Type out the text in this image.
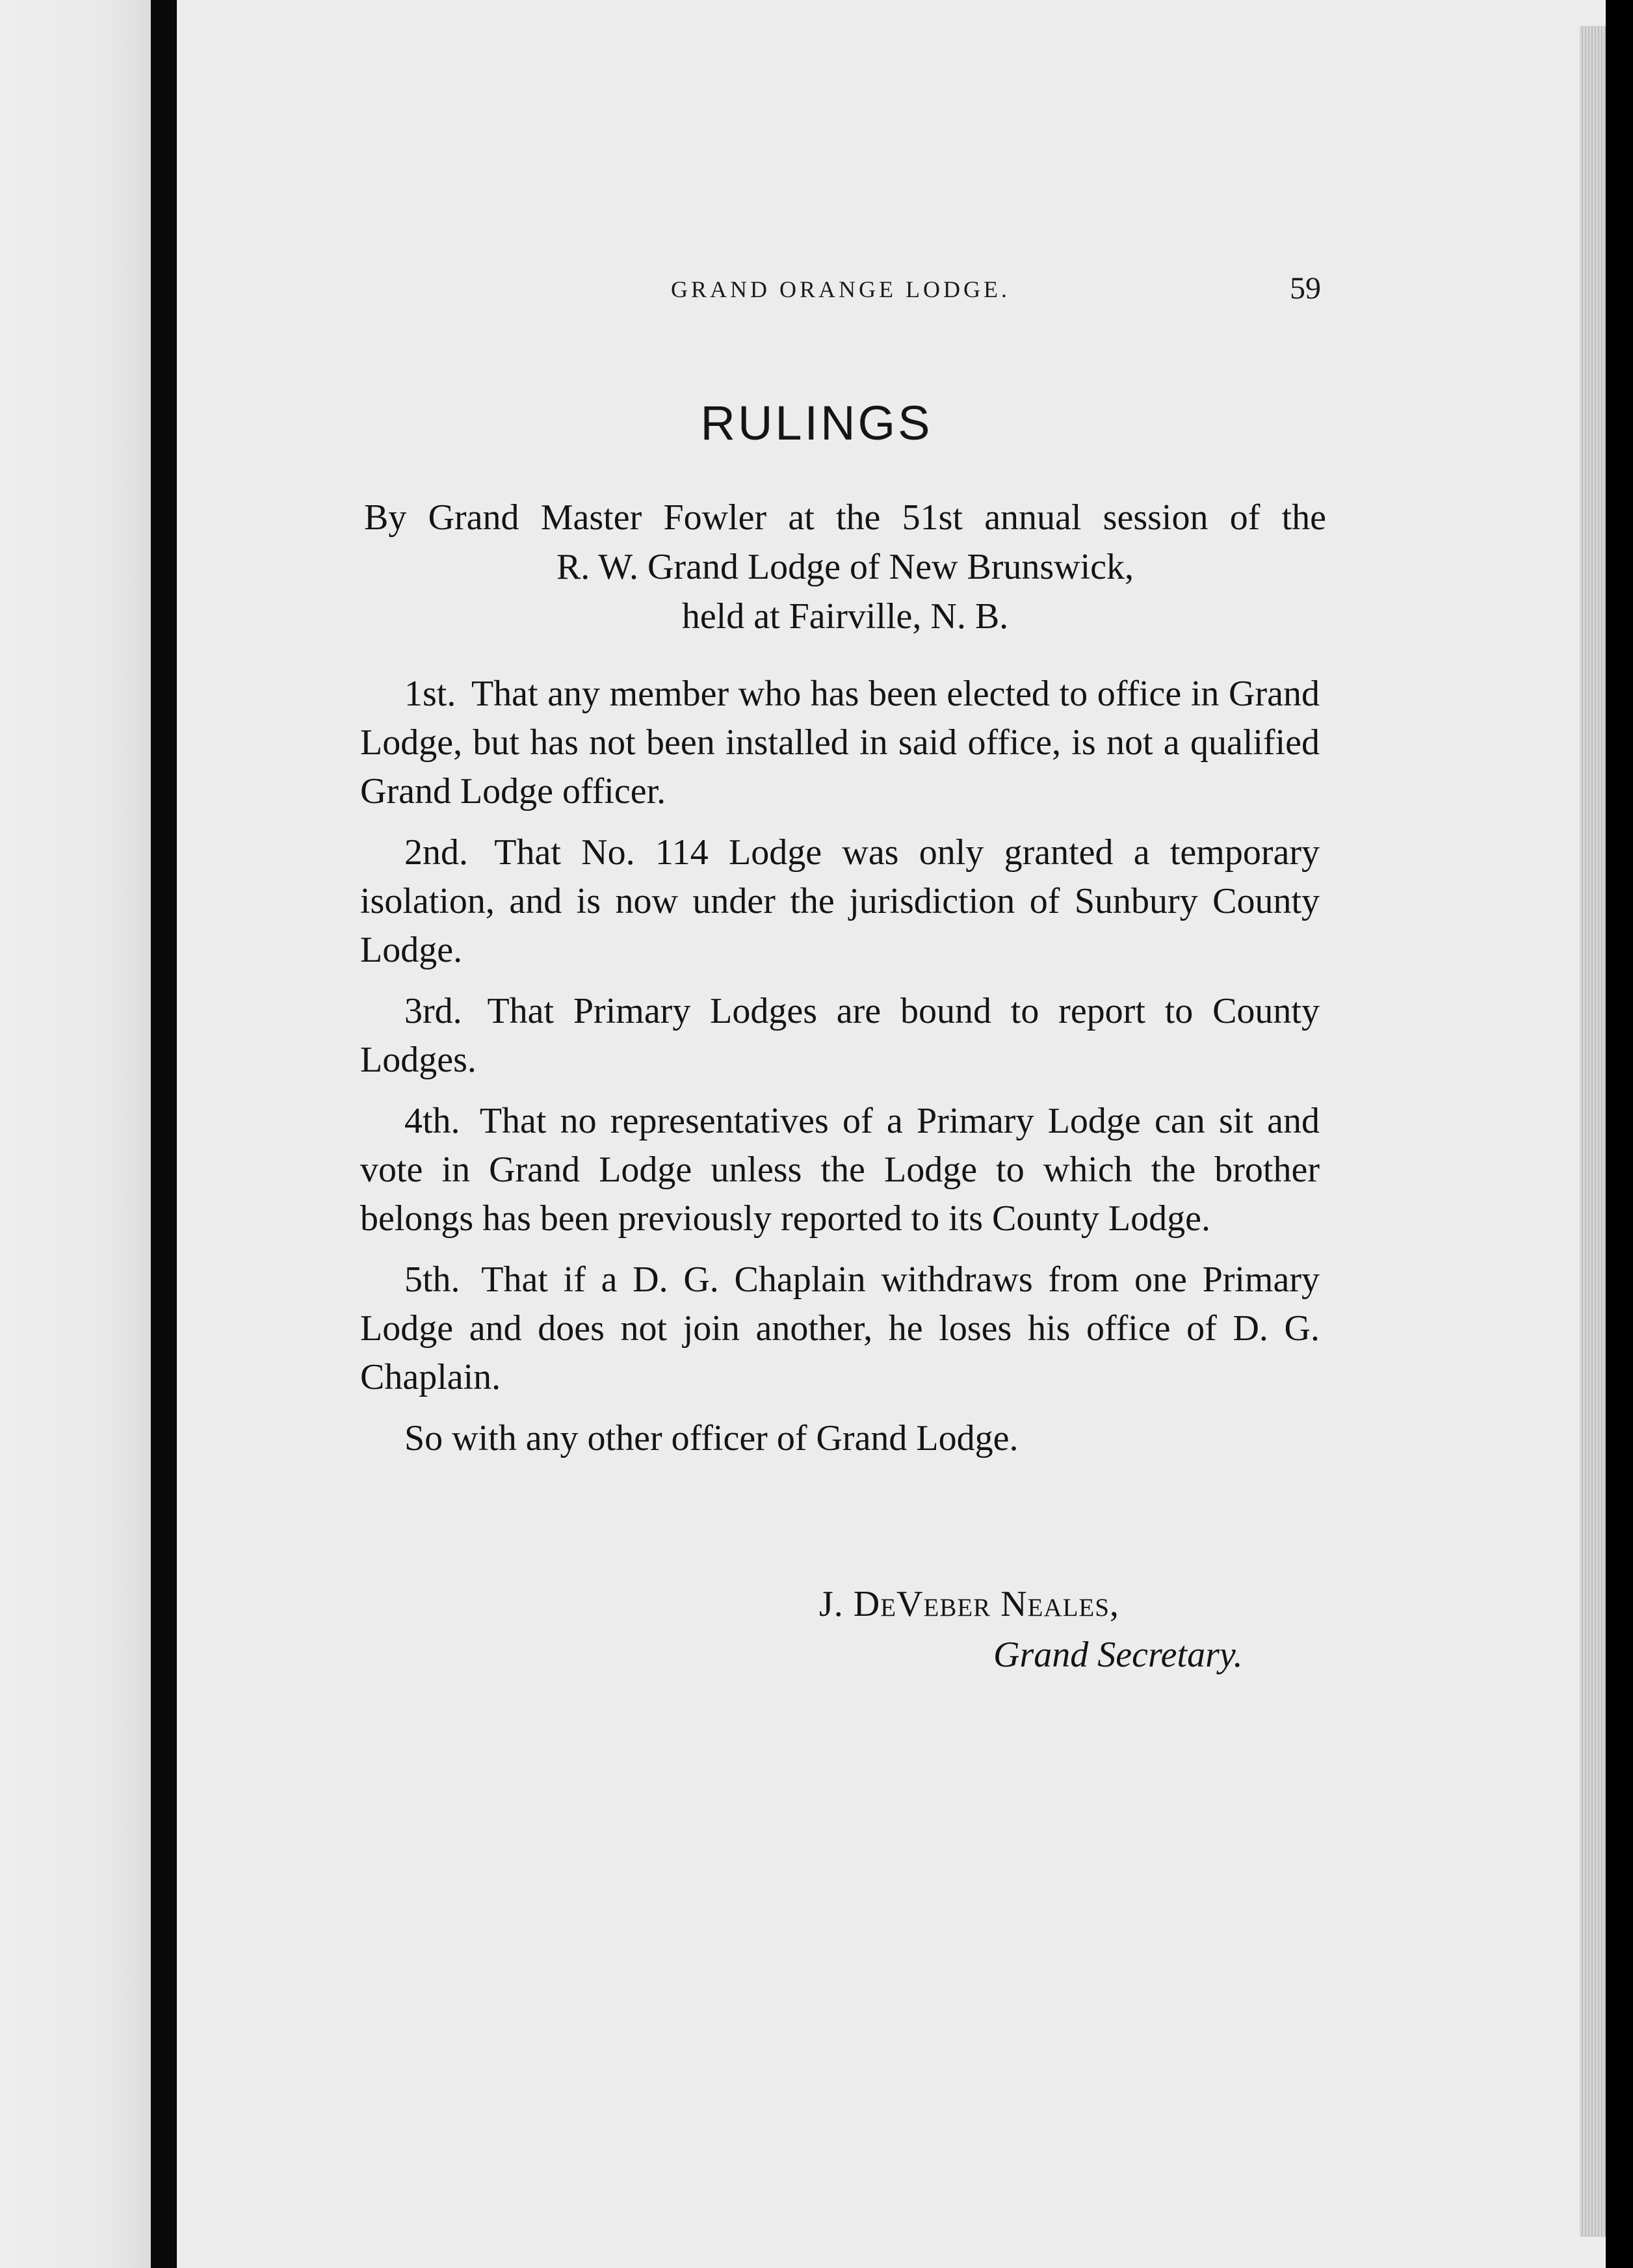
GRAND ORANGE LODGE.	59
RULINGS
By Grand Master Fowler at the 51st annual session of the
R. W. Grand Lodge of New Brunswick,
held at Fairville, N. B.

1st. That any member who has been elected to office in Grand Lodge, but has not been installed in said office, is not a qualified Grand Lodge officer.

2nd. That No. 114 Lodge was only granted a temporary isolation, and is now under the jurisdiction of Sunbury County Lodge.

3rd. That Primary Lodges are bound to report to County Lodges.

4th. That no representatives of a Primary Lodge can sit and vote in Grand Lodge unless the Lodge to which the brother belongs has been previously reported to its County Lodge.

5th. That if a D. G. Chaplain withdraws from one Primary Lodge and does not join another, he loses his office of D. G. Chaplain.

So with any other officer of Grand Lodge.

J. DeVeber Neales,
Grand Secretary.
